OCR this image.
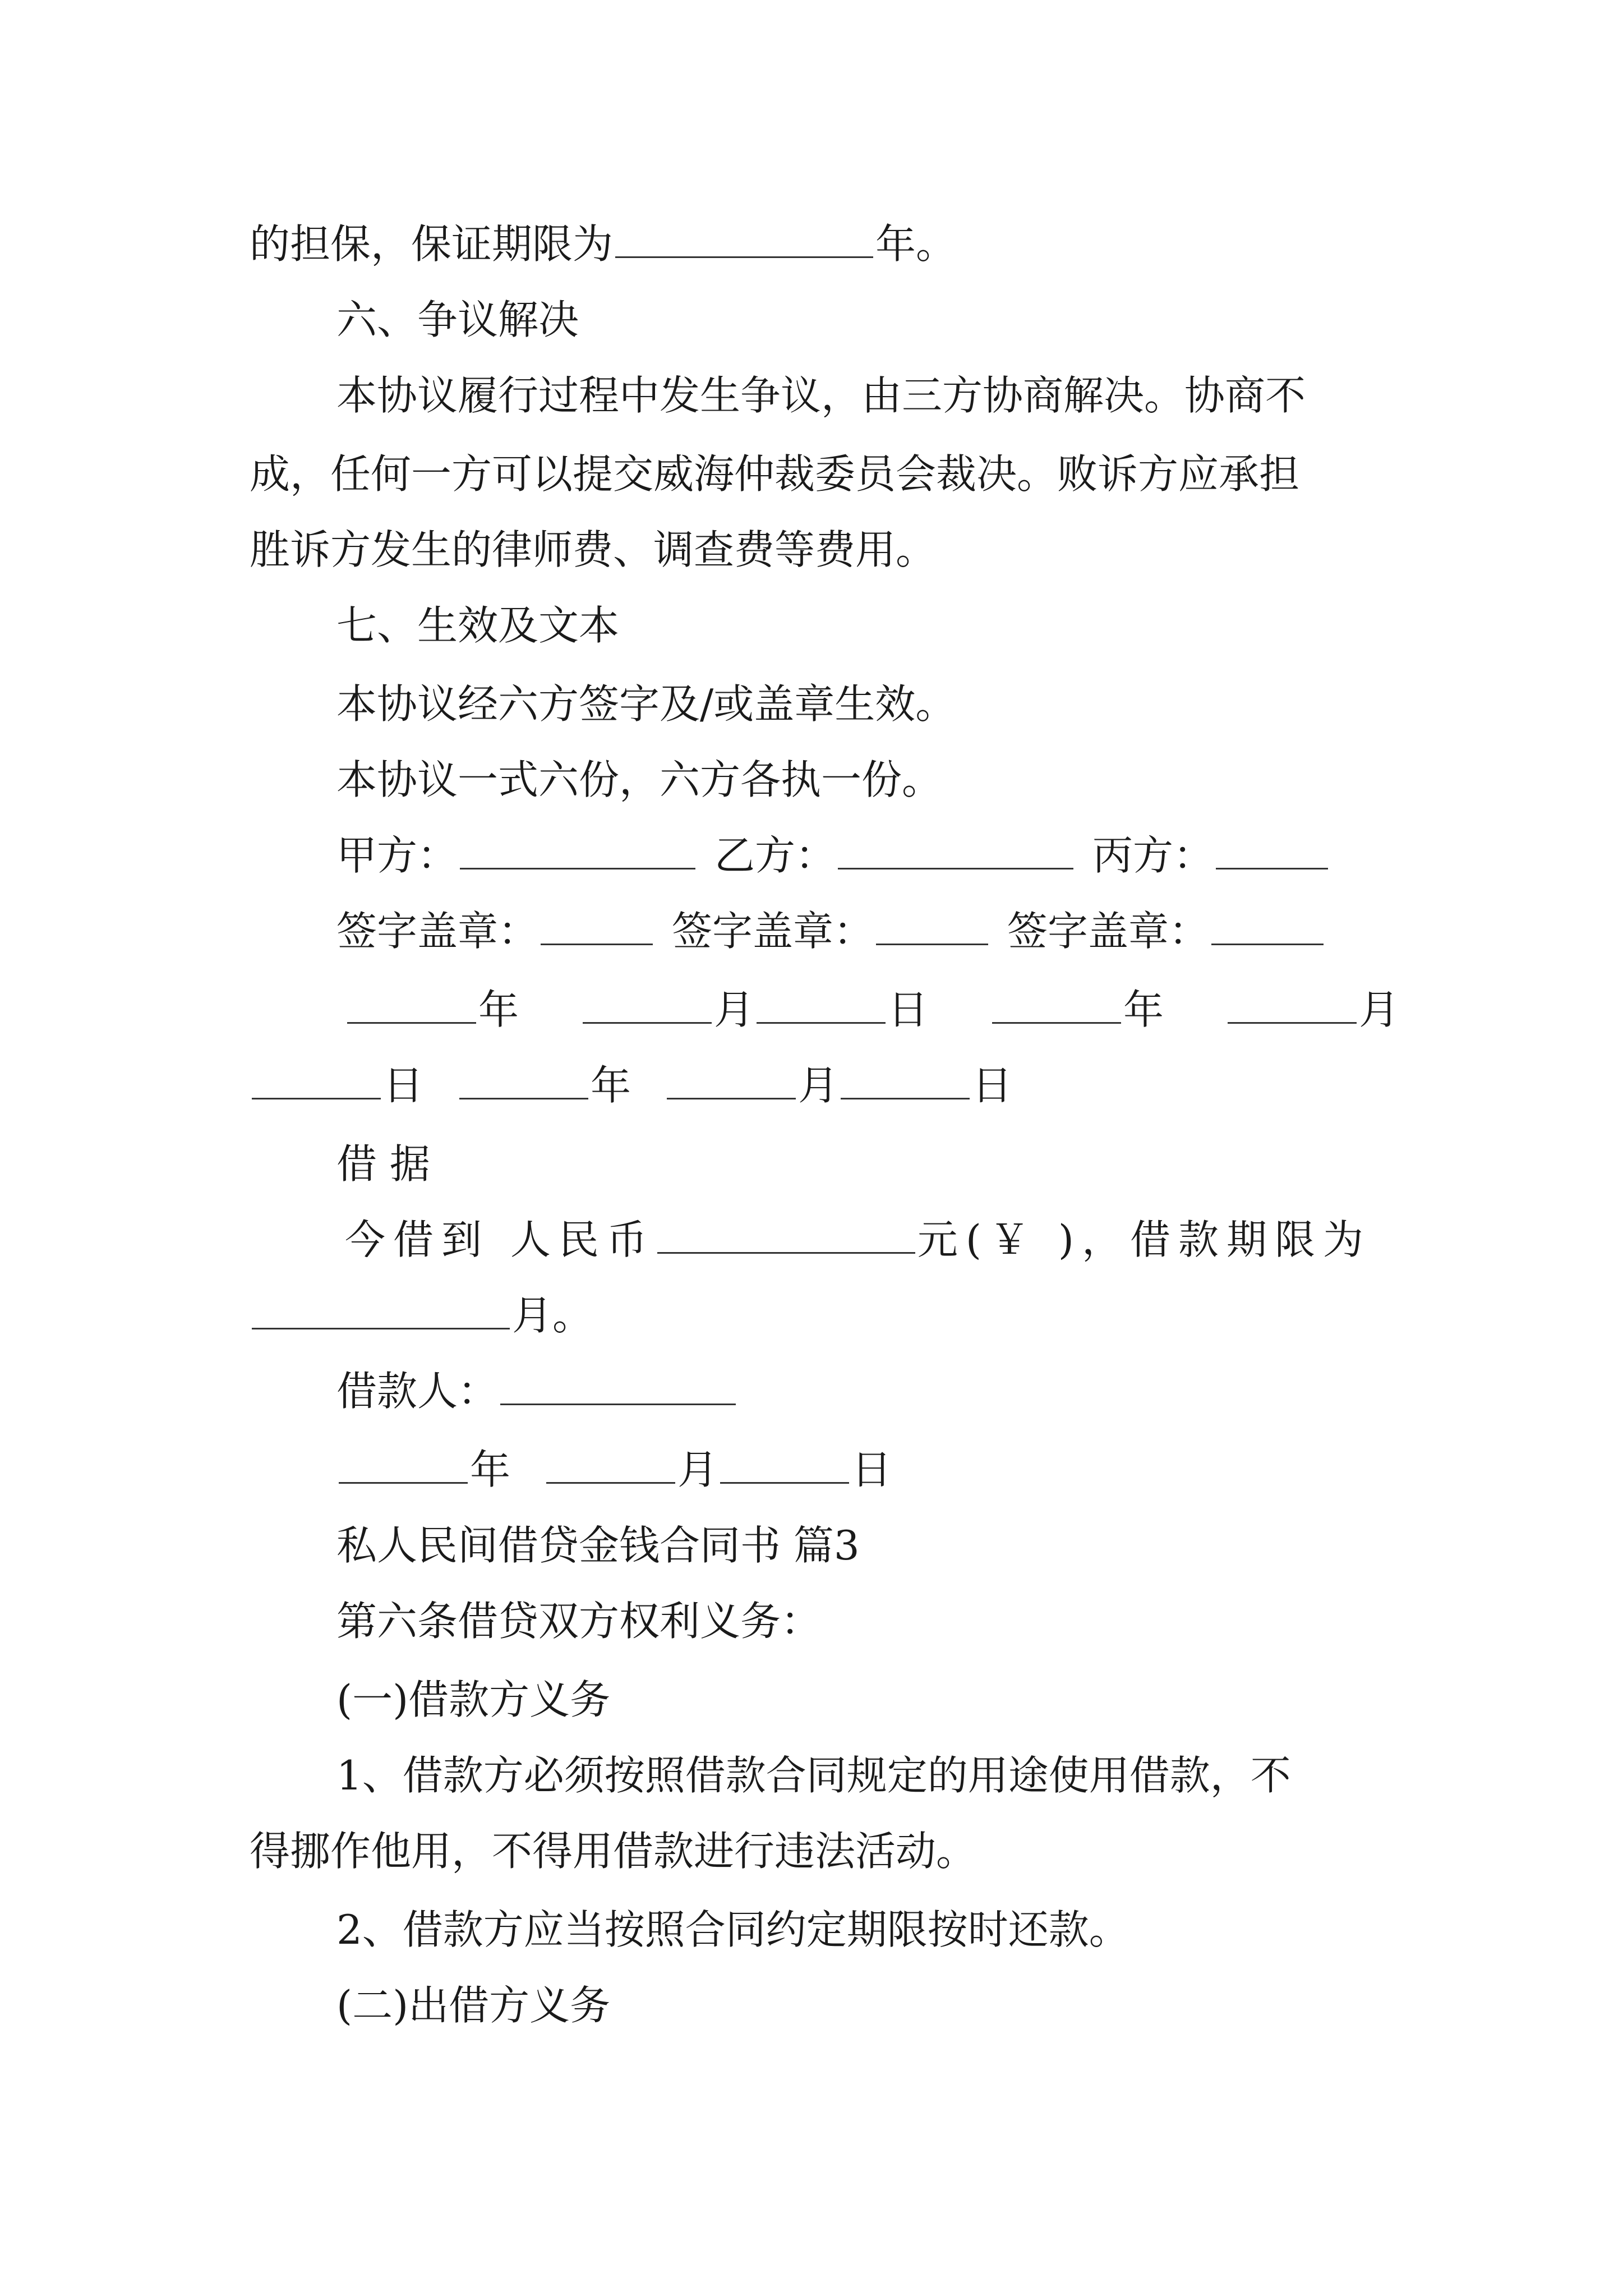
的担保，保证期限为	年。
六、争议解决
本协议履行过程中发生争议，由三方协商解决。协商不
成，任何一方可以提交威海仲裁委员会裁决。败诉方应承担
胜诉方发生的律师费、调查费等费用。
七、生效及文本
本协议经六方签字及/或盖章生效。
本协议一式六份，六方各执一份。
甲方：	乙方：	丙方：
签字盖章：	签字盖章：	签字盖章：
年	月	日	年	月
日	年	月	日
借 据
今借到 人民币	元(￥ )，借款期限为
月。
借款人：
年	月	日
私人民间借贷金钱合同书 篇3
第六条借贷双方权利义务：
(一)借款方义务
1、借款方必须按照借款合同规定的用途使用借款，不
得挪作他用，不得用借款进行违法活动。
2、借款方应当按照合同约定期限按时还款。
(二)出借方义务
